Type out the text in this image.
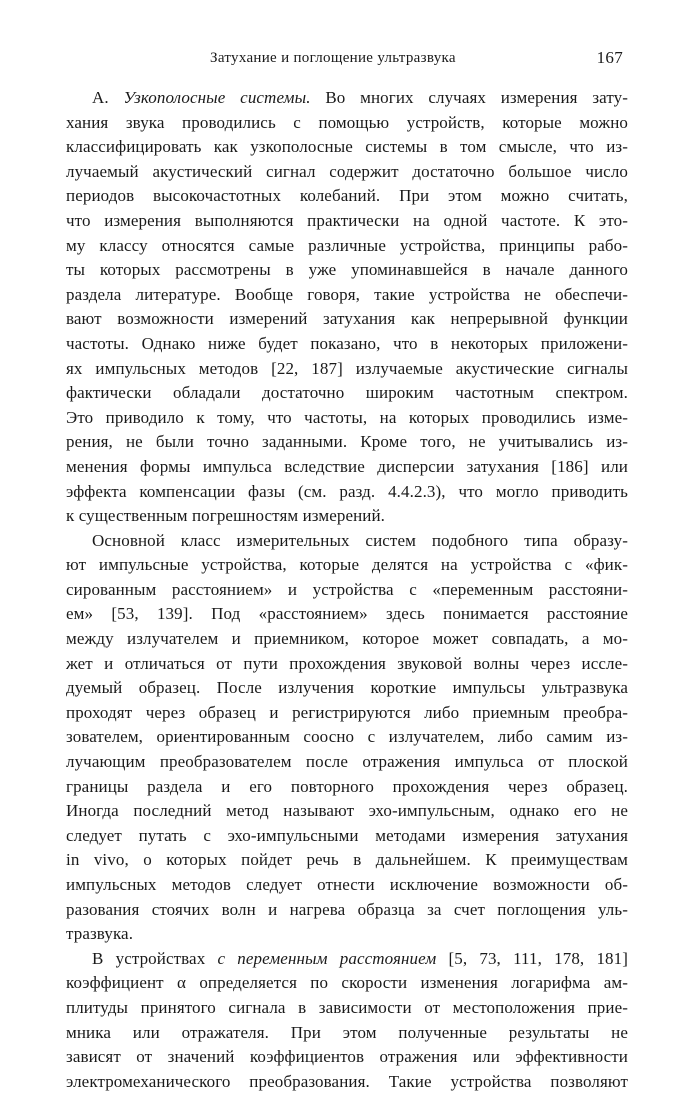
Затухание и поглощение ультразвука	167

А. Узкополосные системы. Во многих случаях измерения зату-
хания звука проводились с помощью устройств, которые можно
классифицировать как узкополосные системы в том смысле, что из-
лучаемый акустический сигнал содержит достаточно большое число
периодов высокочастотных колебаний. При этом можно считать,
что измерения выполняются практически на одной частоте. К это-
му классу относятся самые различные устройства, принципы рабо-
ты которых рассмотрены в уже упоминавшейся в начале данного
раздела литературе. Вообще говоря, такие устройства не обеспечи-
вают возможности измерений затухания как непрерывной функции
частоты. Однако ниже будет показано, что в некоторых приложени-
ях импульсных методов [22, 187] излучаемые акустические сигналы
фактически обладали достаточно широким частотным спектром.
Это приводило к тому, что частоты, на которых проводились изме-
рения, не были точно заданными. Кроме того, не учитывались из-
менения формы импульса вследствие дисперсии затухания [186] или
эффекта компенсации фазы (см. разд. 4.4.2.3), что могло приводить
к существенным погрешностям измерений.

Основной класс измерительных систем подобного типа образу-
ют импульсные устройства, которые делятся на устройства с «фик-
сированным расстоянием» и устройства с «переменным расстояни-
ем» [53, 139]. Под «расстоянием» здесь понимается расстояние
между излучателем и приемником, которое может совпадать, а мо-
жет и отличаться от пути прохождения звуковой волны через иссле-
дуемый образец. После излучения короткие импульсы ультразвука
проходят через образец и регистрируются либо приемным преобра-
зователем, ориентированным соосно с излучателем, либо самим из-
лучающим преобразователем после отражения импульса от плоской
границы раздела и его повторного прохождения через образец.
Иногда последний метод называют эхо-импульсным, однако его не
следует путать с эхо-импульсными методами измерения затухания
in vivo, о которых пойдет речь в дальнейшем. К преимуществам
импульсных методов следует отнести исключение возможности об-
разования стоячих волн и нагрева образца за счет поглощения уль-
тразвука.

В устройствах с переменным расстоянием [5, 73, 111, 178, 181]
коэффициент α определяется по скорости изменения логарифма ам-
плитуды принятого сигнала в зависимости от местоположения прие-
мника или отражателя. При этом полученные результаты не
зависят от значений коэффициентов отражения или эффективности
электромеханического преобразования. Такие устройства позволяют
